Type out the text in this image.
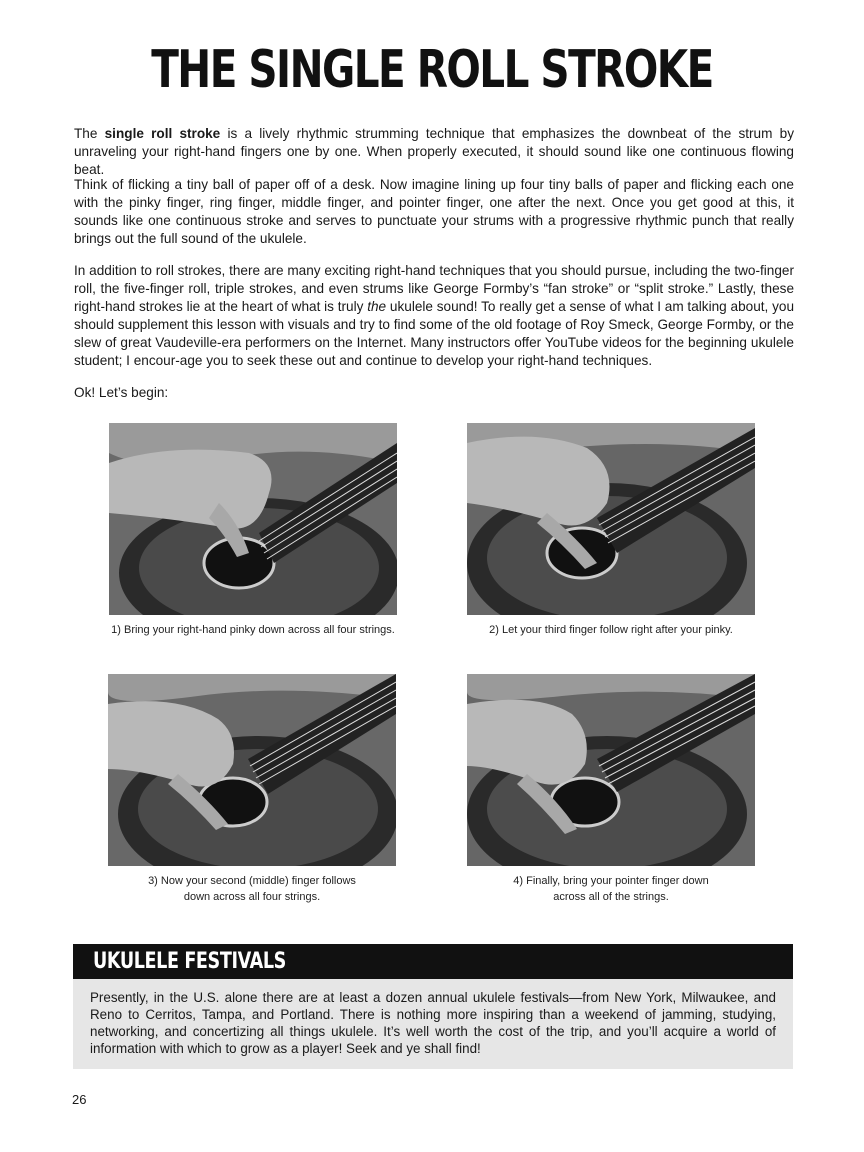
THE SINGLE ROLL STROKE

The single roll stroke is a lively rhythmic strumming technique that emphasizes the downbeat of the strum by unraveling your right-hand fingers one by one. When properly executed, it should sound like one continuous flowing beat.

Think of flicking a tiny ball of paper off of a desk. Now imagine lining up four tiny balls of paper and flicking each one with the pinky finger, ring finger, middle finger, and pointer finger, one after the next. Once you get good at this, it sounds like one continuous stroke and serves to punctuate your strums with a progressive rhythmic punch that really brings out the full sound of the ukulele.

In addition to roll strokes, there are many exciting right-hand techniques that you should pursue, including the two-finger roll, the five-finger roll, triple strokes, and even strums like George Formby’s “fan stroke” or “split stroke.” Lastly, these right-hand strokes lie at the heart of what is truly the ukulele sound! To really get a sense of what I am talking about, you should supplement this lesson with visuals and try to find some of the old footage of Roy Smeck, George Formby, or the slew of great Vaudeville-era performers on the Internet. Many instructors offer YouTube videos for the beginning ukulele student; I encour-age you to seek these out and continue to develop your right-hand techniques.

Ok! Let’s begin:

1) Bring your right-hand pinky down across all four strings.	2) Let your third finger follow right after your pinky.
3) Now your second (middle) finger follows
down across all four strings.
4) Finally, bring your pointer finger down
across all of the strings.
UKULELE FESTIVALS
Presently, in the U.S. alone there are at least a dozen annual ukulele festivals—from New York, Milwaukee, and Reno to Cerritos, Tampa, and Portland. There is nothing more inspiring than a weekend of jamming, studying, networking, and concertizing all things ukulele. It’s well worth the cost of the trip, and you’ll acquire a world of information with which to grow as a player! Seek and ye shall find!
26
